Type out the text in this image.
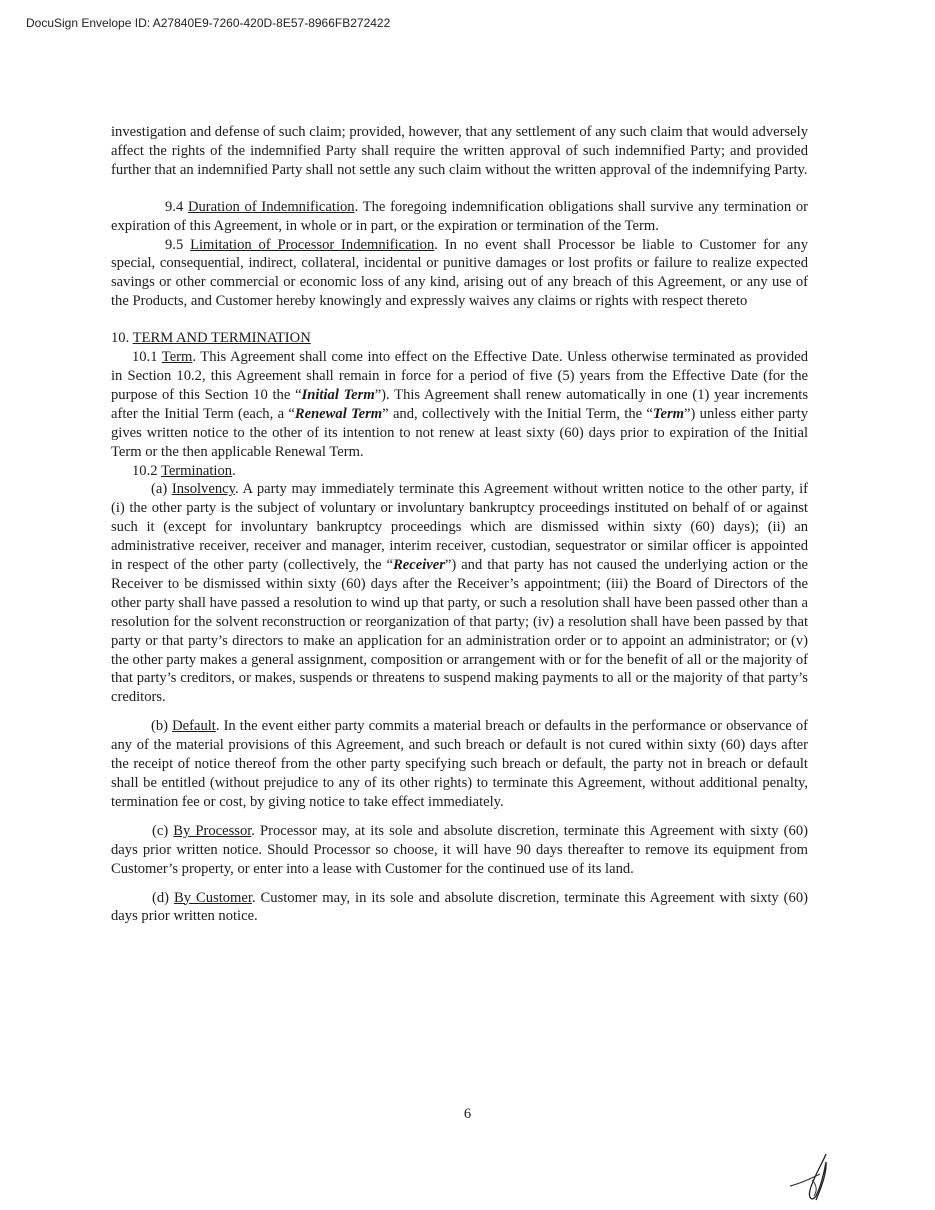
DocuSign Envelope ID: A27840E9-7260-420D-8E57-8966FB272422

investigation and defense of such claim; provided, however, that any settlement of any such claim that would adversely affect the rights of the indemnified Party shall require the written approval of such indemnified Party; and provided further that an indemnified Party shall not settle any such claim without the written approval of the indemnifying Party.

9.4 Duration of Indemnification. The foregoing indemnification obligations shall survive any termination or expiration of this Agreement, in whole or in part, or the expiration or termination of the Term.

9.5 Limitation of Processor Indemnification. In no event shall Processor be liable to Customer for any special, consequential, indirect, collateral, incidental or punitive damages or lost profits or failure to realize expected savings or other commercial or economic loss of any kind, arising out of any breach of this Agreement, or any use of the Products, and Customer hereby knowingly and expressly waives any claims or rights with respect thereto

10. TERM AND TERMINATION

10.1 Term. This Agreement shall come into effect on the Effective Date. Unless otherwise terminated as provided in Section 10.2, this Agreement shall remain in force for a period of five (5) years from the Effective Date (for the purpose of this Section 10 the “Initial Term”). This Agreement shall renew automatically in one (1) year increments after the Initial Term (each, a “Renewal Term” and, collectively with the Initial Term, the “Term”) unless either party gives written notice to the other of its intention to not renew at least sixty (60) days prior to expiration of the Initial Term or the then applicable Renewal Term.

10.2 Termination.

(a) Insolvency. A party may immediately terminate this Agreement without written notice to the other party, if (i) the other party is the subject of voluntary or involuntary bankruptcy proceedings instituted on behalf of or against such it (except for involuntary bankruptcy proceedings which are dismissed within sixty (60) days); (ii) an administrative receiver, receiver and manager, interim receiver, custodian, sequestrator or similar officer is appointed in respect of the other party (collectively, the “Receiver”) and that party has not caused the underlying action or the Receiver to be dismissed within sixty (60) days after the Receiver’s appointment; (iii) the Board of Directors of the other party shall have passed a resolution to wind up that party, or such a resolution shall have been passed other than a resolution for the solvent reconstruction or reorganization of that party; (iv) a resolution shall have been passed by that party or that party’s directors to make an application for an administration order or to appoint an administrator; or (v) the other party makes a general assignment, composition or arrangement with or for the benefit of all or the majority of that party’s creditors, or makes, suspends or threatens to suspend making payments to all or the majority of that party’s creditors.

(b) Default. In the event either party commits a material breach or defaults in the performance or observance of any of the material provisions of this Agreement, and such breach or default is not cured within sixty (60) days after the receipt of notice thereof from the other party specifying such breach or default, the party not in breach or default shall be entitled (without prejudice to any of its other rights) to terminate this Agreement, without additional penalty, termination fee or cost, by giving notice to take effect immediately.

(c) By Processor. Processor may, at its sole and absolute discretion, terminate this Agreement with sixty (60) days prior written notice. Should Processor so choose, it will have 90 days thereafter to remove its equipment from Customer’s property, or enter into a lease with Customer for the continued use of its land.

(d) By Customer. Customer may, in its sole and absolute discretion, terminate this Agreement with sixty (60) days prior written notice.

6
